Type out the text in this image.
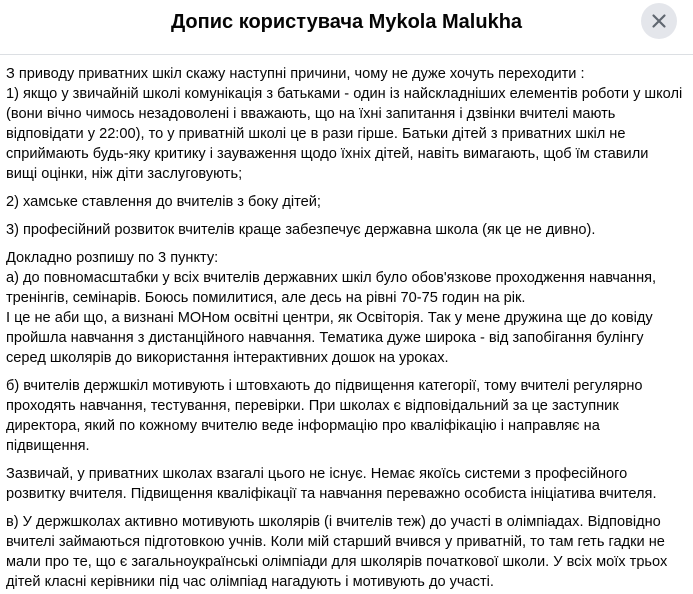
Допис користувача Mykola Malukha
З приводу приватних шкіл скажу наступні причини, чому не дуже хочуть переходити :
1) якщо у звичайній школі комунікація з батьками - один із найскладніших елементів роботи у школі (вони вічно чимось незадоволені і вважають, що на їхні запитання і дзвінки вчителі мають відповідати у 22:00), то у приватній школі це в рази гірше. Батьки дітей з приватних шкіл не сприймають будь-яку критику і зауваження щодо їхніх дітей, навіть вимагають, щоб їм ставили вищі оцінки, ніж діти заслуговують;
2) хамське ставлення до вчителів з боку дітей;
3) професійний розвиток вчителів краще забезпечує державна школа (як це не дивно).
Докладно розпишу по 3 пункту:
а) до повномасштабки у всіх вчителів державних шкіл було обов'язкове проходження навчання, тренінгів, семінарів. Боюсь помилитися, але десь на рівні 70-75 годин на рік.
І це не аби що, а визнані МОНом освітні центри, як Освіторія. Так у мене дружина ще до ковіду пройшла навчання з дистанційного навчання. Тематика дуже широка - від запобігання булінгу серед школярів до використання інтерактивних дошок на уроках.
б) вчителів держшкіл мотивують і штовхають до підвищення категорії, тому вчителі регулярно проходять навчання, тестування, перевірки. При школах є відповідальний за це заступник директора, який по кожному вчителю веде інформацію про кваліфікацію і направляє на підвищення.
Зазвичай, у приватних школах взагалі цього не існує. Немає якоїсь системи з професійного розвитку вчителя. Підвищення кваліфікації та навчання переважно особиста ініціатива вчителя.
в) У держшколах активно мотивують школярів (і вчителів теж) до участі в олімпіадах. Відповідно вчителі займаються підготовкою учнів. Коли мій старший вчився у приватній, то там геть гадки не мали про те, що є загальноукраїнські олімпіади для школярів початкової школи. У всіх моїх трьох дітей класні керівники під час олімпіад нагадують і мотивують до участі.
